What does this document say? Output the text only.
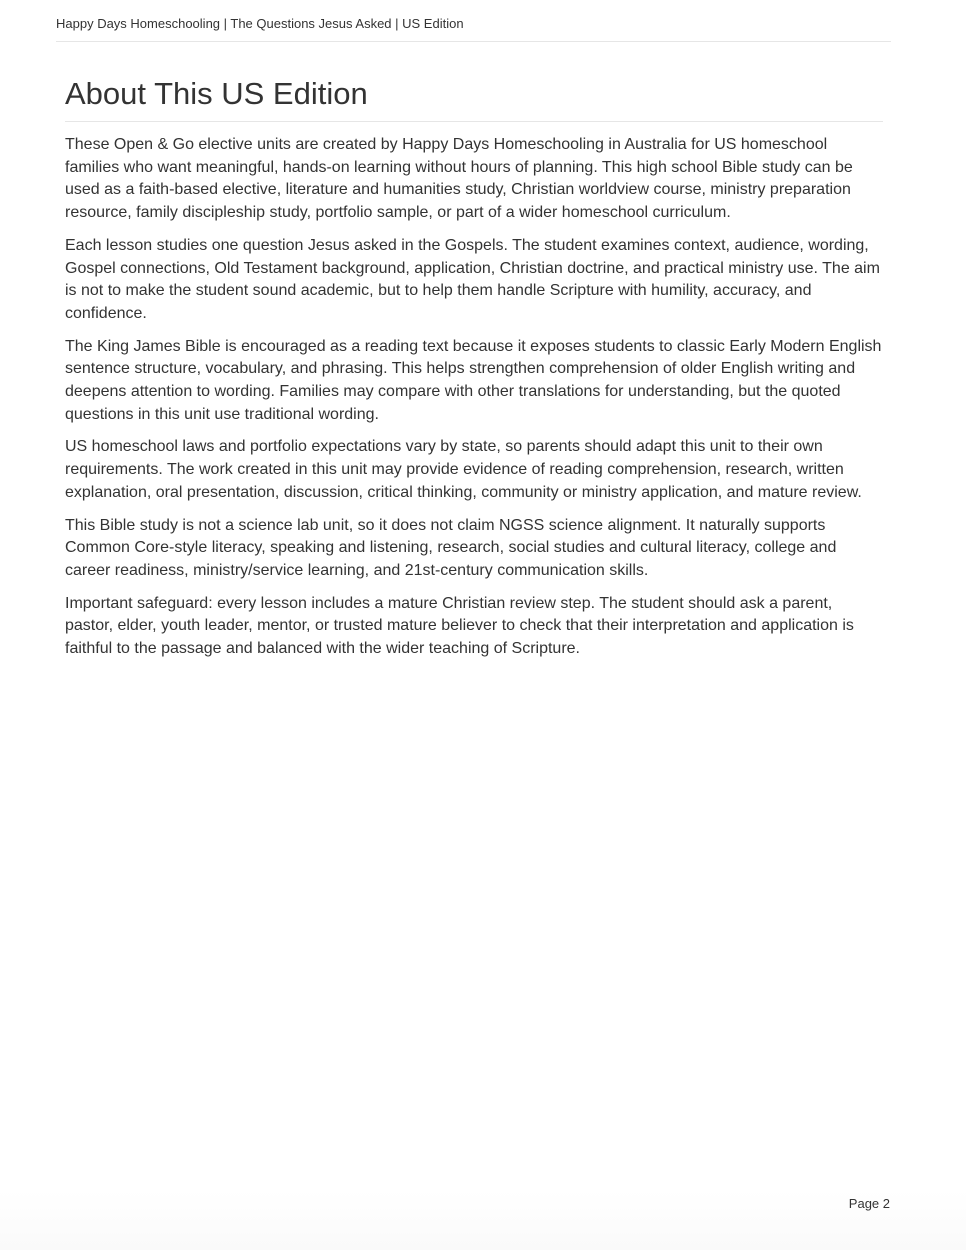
Happy Days Homeschooling | The Questions Jesus Asked | US Edition
About This US Edition

These Open & Go elective units are created by Happy Days Homeschooling in Australia for US homeschool families who want meaningful, hands-on learning without hours of planning. This high school Bible study can be used as a faith-based elective, literature and humanities study, Christian worldview course, ministry preparation resource, family discipleship study, portfolio sample, or part of a wider homeschool curriculum.

Each lesson studies one question Jesus asked in the Gospels. The student examines context, audience, wording, Gospel connections, Old Testament background, application, Christian doctrine, and practical ministry use. The aim is not to make the student sound academic, but to help them handle Scripture with humility, accuracy, and confidence.

The King James Bible is encouraged as a reading text because it exposes students to classic Early Modern English sentence structure, vocabulary, and phrasing. This helps strengthen comprehension of older English writing and deepens attention to wording. Families may compare with other translations for understanding, but the quoted questions in this unit use traditional wording.

US homeschool laws and portfolio expectations vary by state, so parents should adapt this unit to their own requirements. The work created in this unit may provide evidence of reading comprehension, research, written explanation, oral presentation, discussion, critical thinking, community or ministry application, and mature review.

This Bible study is not a science lab unit, so it does not claim NGSS science alignment. It naturally supports Common Core-style literacy, speaking and listening, research, social studies and cultural literacy, college and career readiness, ministry/service learning, and 21st-century communication skills.

Important safeguard: every lesson includes a mature Christian review step. The student should ask a parent, pastor, elder, youth leader, mentor, or trusted mature believer to check that their interpretation and application is faithful to the passage and balanced with the wider teaching of Scripture.

Page 2
